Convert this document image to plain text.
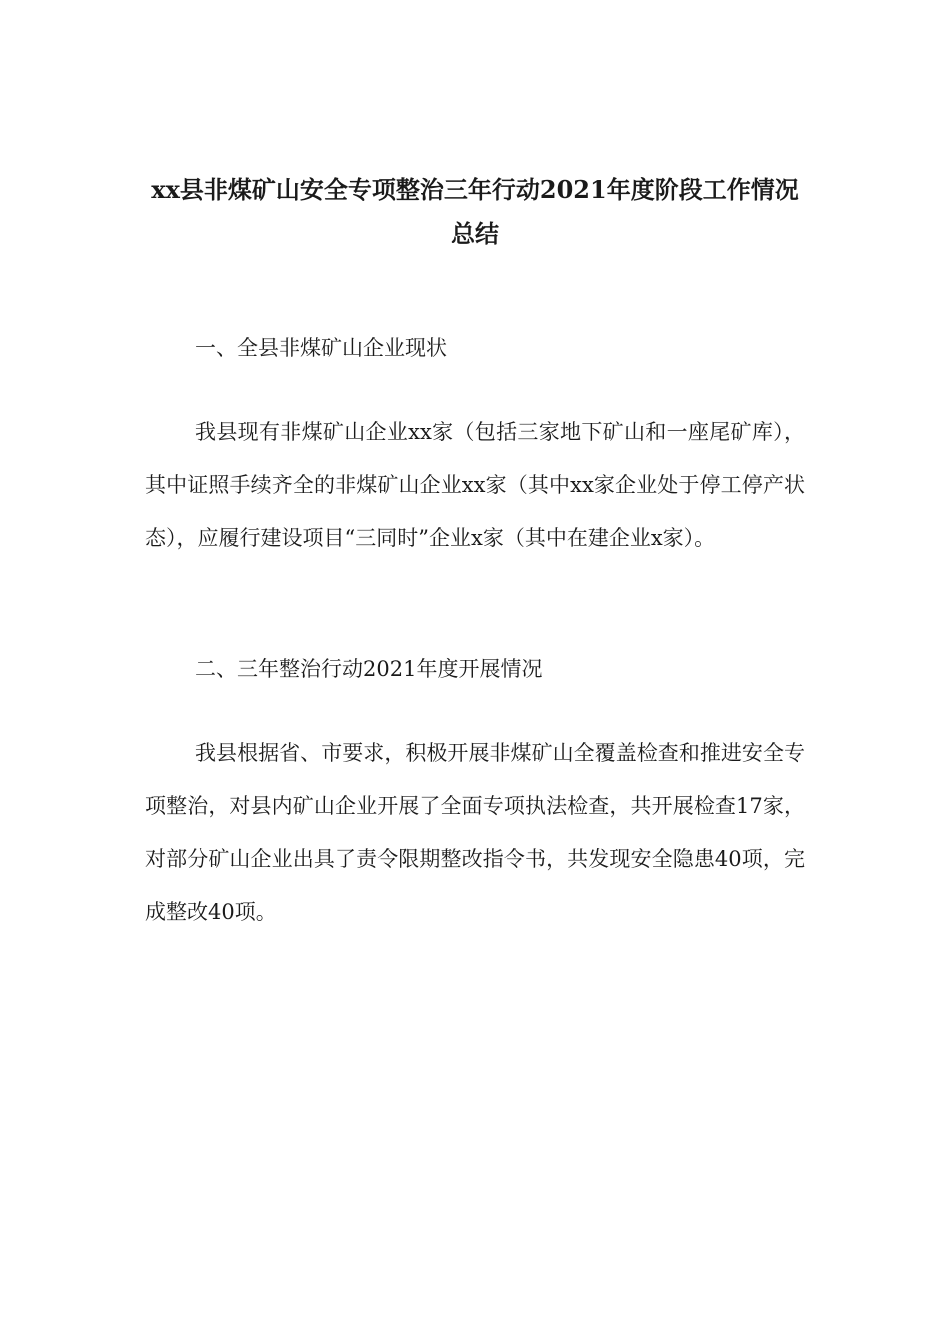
xx县非煤矿山安全专项整治三年行动2021年度阶段工作情况总结
一、全县非煤矿山企业现状
我县现有非煤矿山企业xx家（包括三家地下矿山和一座尾矿库），其中证照手续齐全的非煤矿山企业xx家（其中xx家企业处于停工停产状态），应履行建设项目“三同时”企业x家（其中在建企业x家）。
二、三年整治行动2021年度开展情况
我县根据省、市要求，积极开展非煤矿山全覆盖检查和推进安全专项整治，对县内矿山企业开展了全面专项执法检查，共开展检查17家，对部分矿山企业出具了责令限期整改指令书，共发现安全隐患40项，完成整改40项。
